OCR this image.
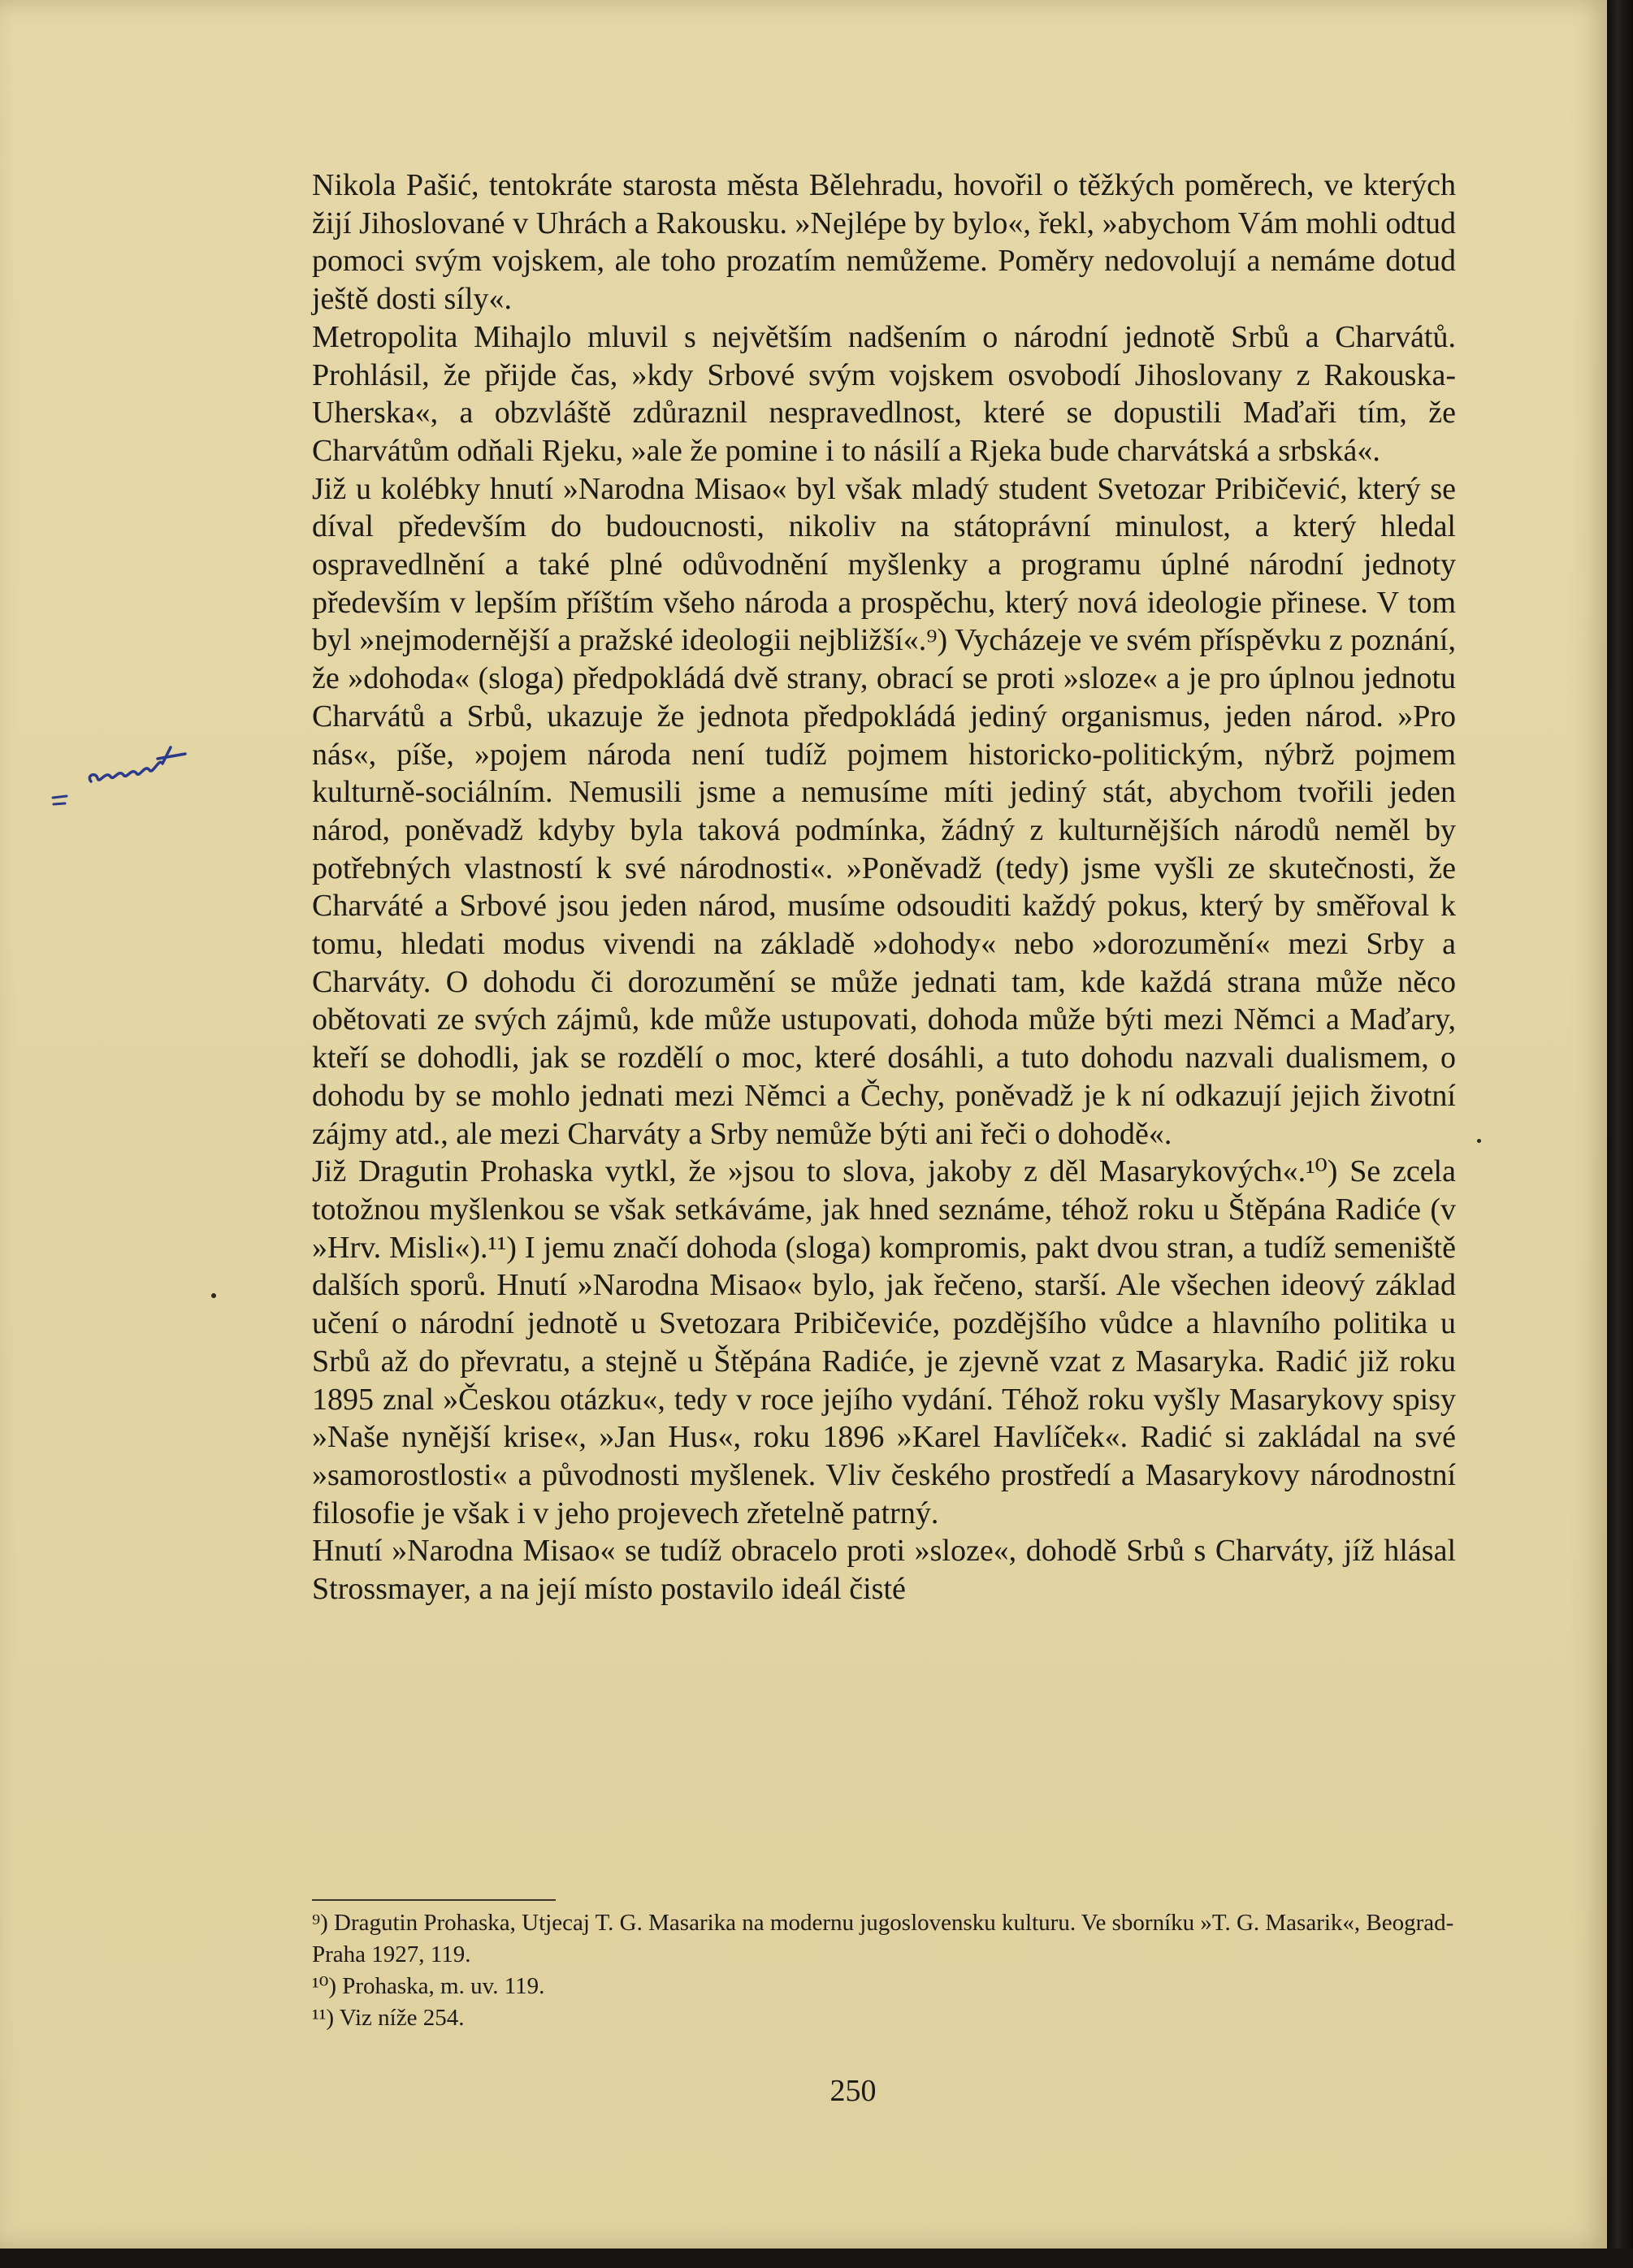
Nikola Pašić, tentokráte starosta města Bělehradu, hovořil o těžkých poměrech, ve kterých žijí Jihoslované v Uhrách a Rakousku. »Nejlépe by bylo«, řekl, »abychom Vám mohli odtud pomoci svým vojskem, ale toho prozatím nemůžeme. Poměry nedovolují a nemáme dotud ještě dosti síly«.

Metropolita Mihajlo mluvil s největším nadšením o národní jednotě Srbů a Charvátů. Prohlásil, že přijde čas, »kdy Srbové svým vojskem osvobodí Jihoslovany z Rakouska-Uherska«, a obzvláště zdůraznil nespravedlnost, které se dopustili Maďaři tím, že Charvátům odňali Rjeku, »ale že pomine i to násilí a Rjeka bude charvátská a srbská«.

Již u kolébky hnutí »Narodna Misao« byl však mladý student Svetozar Pribičević, který se díval především do budoucnosti, nikoliv na státoprávní minulost, a který hledal ospravedlnění a také plné odůvodnění myšlenky a programu úplné národní jednoty především v lepším příštím všeho národa a prospěchu, který nová ideologie přinese. V tom byl »nejmodernější a pražské ideologii nejbližší«.⁹) Vycházeje ve svém příspěvku z poznání, že »dohoda« (sloga) předpokládá dvě strany, obrací se proti »sloze« a je pro úplnou jednotu Charvátů a Srbů, ukazuje že jednota předpokládá jediný organismus, jeden národ. »Pro nás«, píše, »pojem národa není tudíž pojmem historicko-politickým, nýbrž pojmem kulturně-sociálním. Nemusili jsme a nemusíme míti jediný stát, abychom tvořili jeden národ, poněvadž kdyby byla taková podmínka, žádný z kulturnějších národů neměl by potřebných vlastností k své národnosti«. »Poněvadž (tedy) jsme vyšli ze skutečnosti, že Charváté a Srbové jsou jeden národ, musíme odsouditi každý pokus, který by směřoval k tomu, hledati modus vivendi na základě »dohody« nebo »dorozumění« mezi Srby a Charváty. O dohodu či dorozumění se může jednati tam, kde každá strana může něco obětovati ze svých zájmů, kde může ustupovati, dohoda může býti mezi Němci a Maďary, kteří se dohodli, jak se rozdělí o moc, které dosáhli, a tuto dohodu nazvali dualismem, o dohodu by se mohlo jednati mezi Němci a Čechy, poněvadž je k ní odkazují jejich životní zájmy atd., ale mezi Charváty a Srby nemůže býti ani řeči o dohodě«.

Již Dragutin Prohaska vytkl, že »jsou to slova, jakoby z děl Masarykových«.¹⁰) Se zcela totožnou myšlenkou se však setkáváme, jak hned seznáme, téhož roku u Štěpána Radiće (v »Hrv. Misli«).¹¹) I jemu značí dohoda (sloga) kompromis, pakt dvou stran, a tudíž semeniště dalších sporů. Hnutí »Narodna Misao« bylo, jak řečeno, starší. Ale všechen ideový základ učení o národní jednotě u Svetozara Pribičeviće, pozdějšího vůdce a hlavního politika u Srbů až do převratu, a stejně u Štěpána Radiće, je zjevně vzat z Masaryka. Radić již roku 1895 znal »Českou otázku«, tedy v roce jejího vydání. Téhož roku vyšly Masarykovy spisy »Naše nynější krise«, »Jan Hus«, roku 1896 »Karel Havlíček«. Radić si zakládal na své »samorostlosti« a původnosti myšlenek. Vliv českého prostředí a Masarykovy národnostní filosofie je však i v jeho projevech zřetelně patrný.

Hnutí »Narodna Misao« se tudíž obracelo proti »sloze«, dohodě Srbů s Charváty, jíž hlásal Strossmayer, a na její místo postavilo ideál čisté

⁹) Dragutin Prohaska, Utjecaj T. G. Masarika na modernu jugoslovensku kulturu. Ve sborníku »T. G. Masarik«, Beograd-Praha 1927, 119.

¹⁰) Prohaska, m. uv. 119.

¹¹) Viz níže 254.

250
